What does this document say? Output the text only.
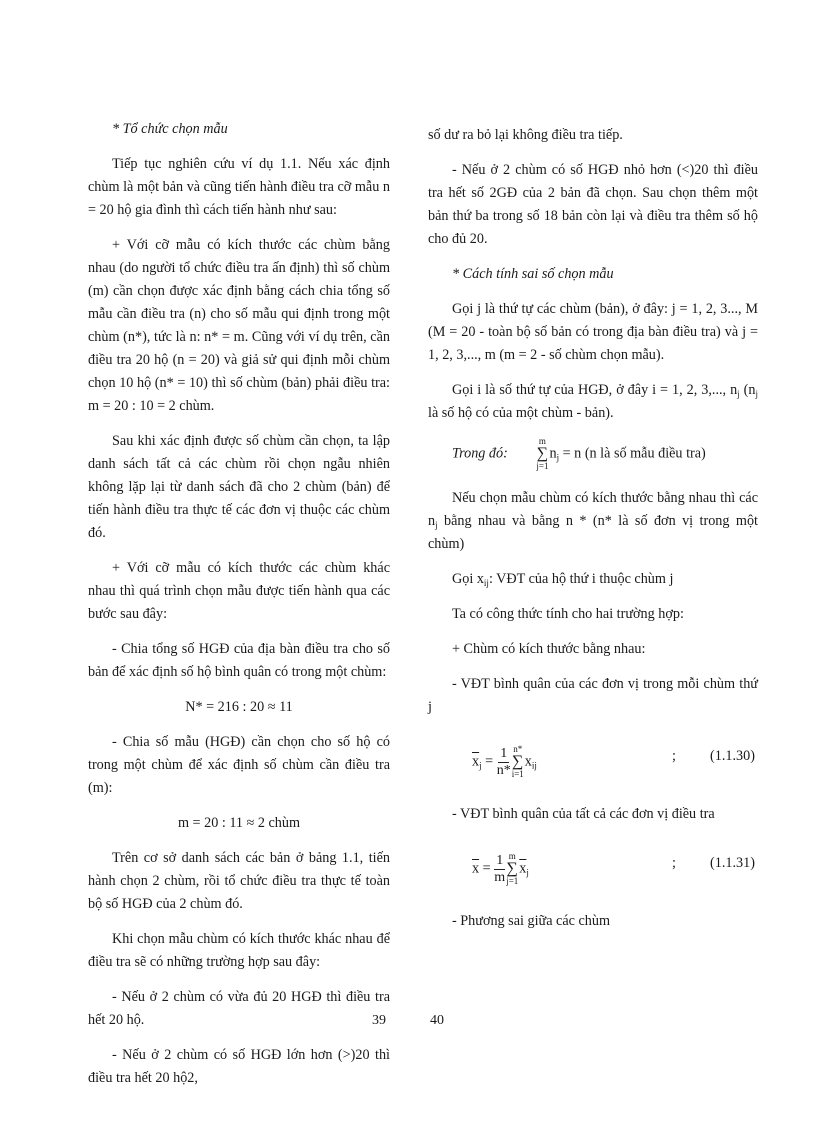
* Tổ chức chọn mẫu

Tiếp tục nghiên cứu ví dụ 1.1. Nếu xác định chùm là một bản và cũng tiến hành điều tra cỡ mẫu n = 20 hộ gia đình thì cách tiến hành như sau:

+ Với cỡ mẫu có kích thước các chùm bằng nhau (do người tổ chức điều tra ấn định) thì số chùm (m) cần chọn được xác định bằng cách chia tổng số mẫu cần điều tra (n) cho số mẫu qui định trong một chùm (n*), tức là n: n* = m. Cũng với ví dụ trên, cần điều tra 20 hộ (n = 20) và giả sử qui định mỗi chùm chọn 10 hộ (n* = 10) thì số chùm (bản) phải điều tra: m = 20 : 10 = 2 chùm.

Sau khi xác định được số chùm cần chọn, ta lập danh sách tất cả các chùm rồi chọn ngẫu nhiên không lặp lại từ danh sách đã cho 2 chùm (bản) để tiến hành điều tra thực tế các đơn vị thuộc các chùm đó.

+ Với cỡ mẫu có kích thước các chùm khác nhau thì quá trình chọn mẫu được tiến hành qua các bước sau đây:

- Chia tổng số HGĐ của địa bàn điều tra cho số bản để xác định số hộ bình quân có trong một chùm:

N* = 216 : 20 ≈ 11

- Chia số mẫu (HGĐ) cần chọn cho số hộ có trong một chùm để xác định số chùm cần điều tra (m):

m = 20 : 11 ≈ 2 chùm

Trên cơ sở danh sách các bản ở bảng 1.1, tiến hành chọn 2 chùm, rồi tổ chức điều tra thực tế toàn bộ số HGĐ của 2 chùm đó.

Khi chọn mẫu chùm có kích thước khác nhau để điều tra sẽ có những trường hợp sau đây:

- Nếu ở 2 chùm có vừa đủ 20 HGĐ thì điều tra hết 20 hộ.

- Nếu ở 2 chùm có số HGĐ lớn hơn (>)20 thì điều tra hết 20 hộ2,

39

số dư ra bỏ lại không điều tra tiếp.

- Nếu ở 2 chùm có số HGĐ nhỏ hơn (<)20 thì điều tra hết số 2GĐ của 2 bản đã chọn. Sau chọn thêm một bản thứ ba trong số 18 bản còn lại và điều tra thêm số hộ cho đủ 20.

* Cách tính sai số chọn mẫu

Gọi j là thứ tự các chùm (bản), ở đây: j = 1, 2, 3..., M (M = 20 - toàn bộ số bản có trong địa bàn điều tra) và j = 1, 2, 3,..., m (m = 2 - số chùm chọn mẫu).

Gọi i là số thứ tự của HGĐ, ở đây i = 1, 2, 3,..., $n_j$ ($n_j$ là số hộ có của một chùm - bản).

Trong đó:
m
∑
j=1
$n_j = n$ (n là số mẫu điều tra)

Nếu chọn mẫu chùm có kích thước bằng nhau thì các $n_j$ bằng nhau và bằng n * (n* là số đơn vị trong một chùm)

Gọi $x_{ij}$: VĐT của hộ thứ i thuộc chùm j

Ta có công thức tính cho hai trường hợp:

+ Chùm có kích thước bằng nhau:

- VĐT bình quân của các đơn vị trong mỗi chùm thứ j

$\overline{x}_j = \frac{1}{n*} n*$
∑
i=1
$x_{ij}$
; (1.1.30)

- VĐT bình quân của tất cả các đơn vị điều tra

$\overline{x} = \frac{1}{m}$ m
∑
j=1
$\overline{x}_j$
; (1.1.31)

- Phương sai giữa các chùm

40
